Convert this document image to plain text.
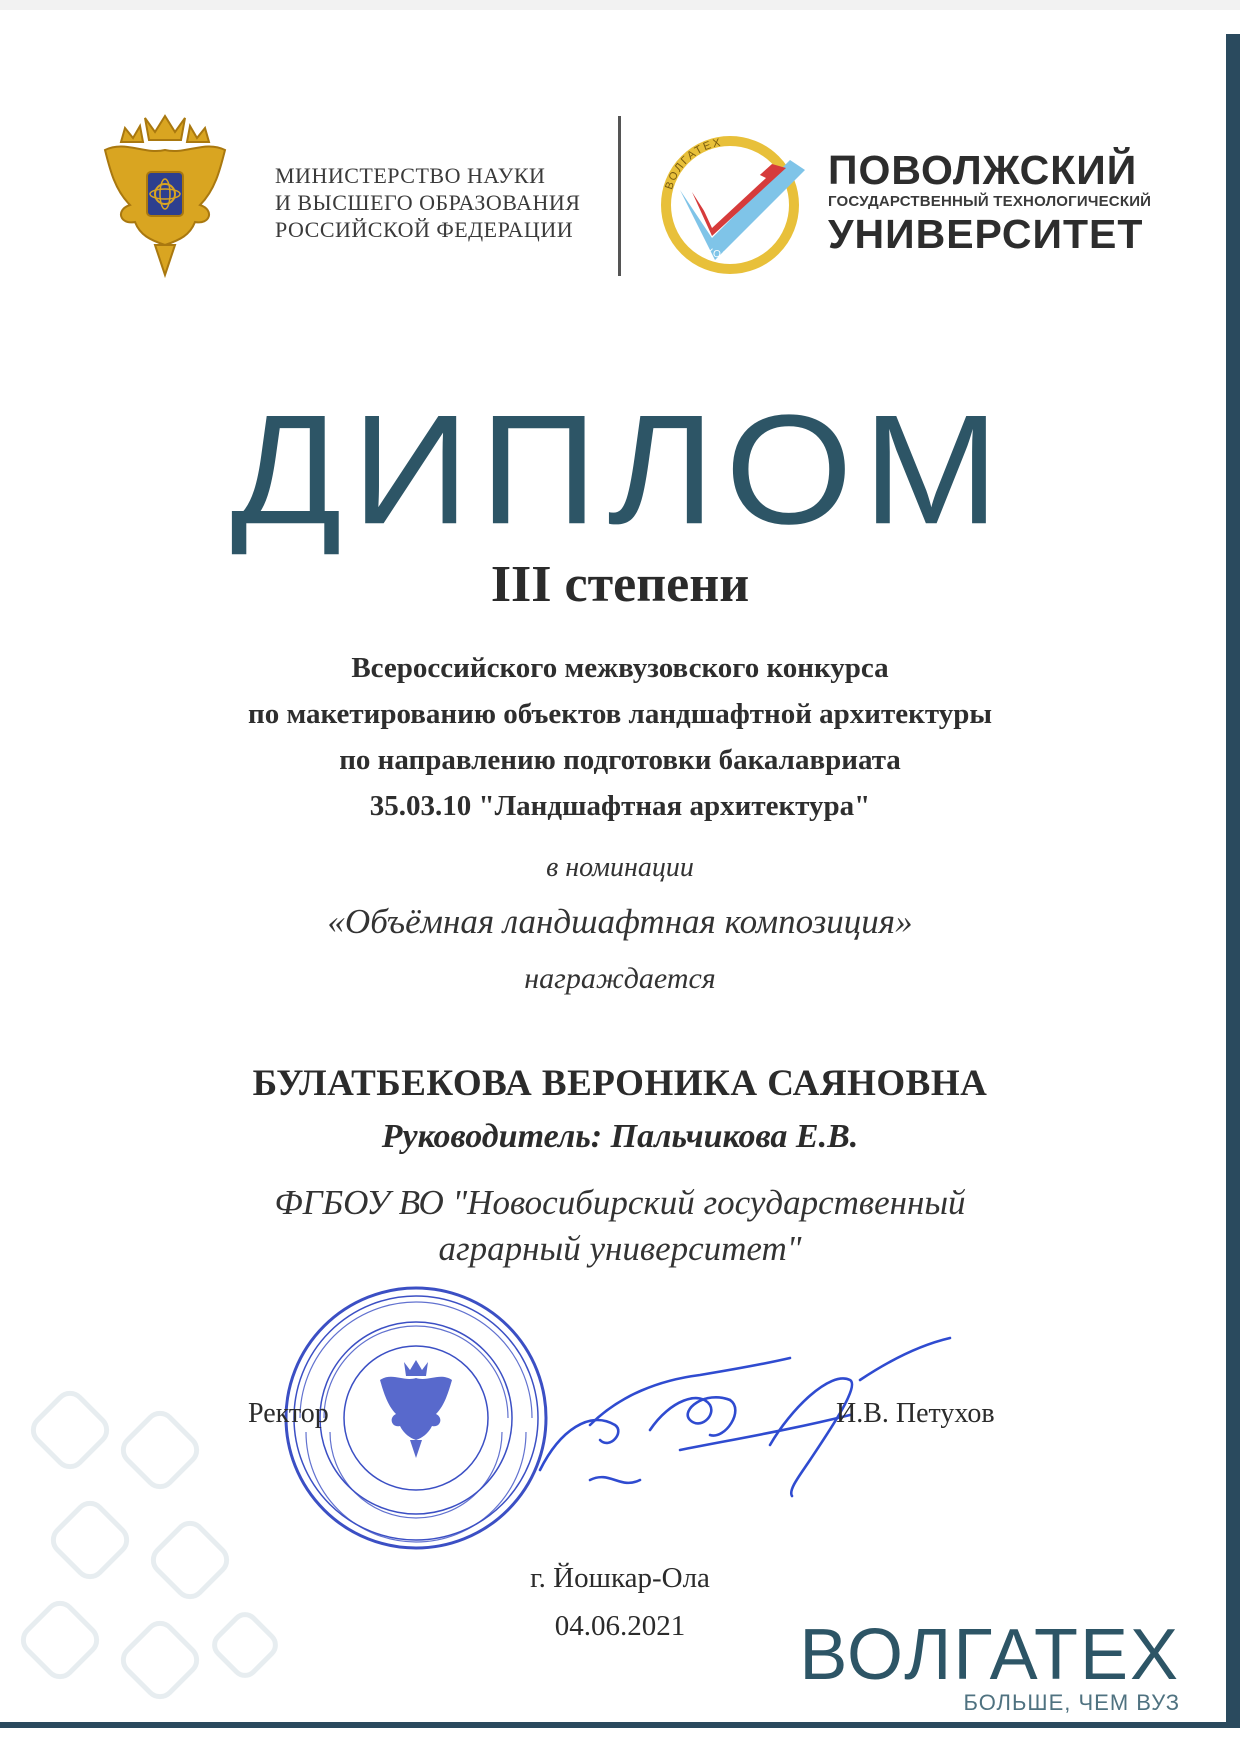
МИНИСТЕРСТВО НАУКИ
И ВЫСШЕГО ОБРАЗОВАНИЯ
РОССИЙСКОЙ ФЕДЕРАЦИИ
ВОЛГАТЕХ
VOLGATECH
ПОВОЛЖСКИЙ
ГОСУДАРСТВЕННЫЙ ТЕХНОЛОГИЧЕСКИЙ
УНИВЕРСИТЕТ
ДИПЛОМ
III степени
Всероссийского межвузовского конкурса
по макетированию объектов ландшафтной архитектуры
по направлению подготовки бакалавриата
35.03.10 "Ландшафтная архитектура"
в номинации
«Объёмная ландшафтная композиция»
награждается
БУЛАТБЕКОВА ВЕРОНИКА САЯНОВНА
Руководитель: Пальчикова Е.В.
ФГБОУ ВО "Новосибирский государственный
аграрный университет"
Ректор	И.В. Петухов
г. Йошкар-Ола
04.06.2021	ВОЛГАТЕХ
БОЛЬШЕ, ЧЕМ ВУЗ
